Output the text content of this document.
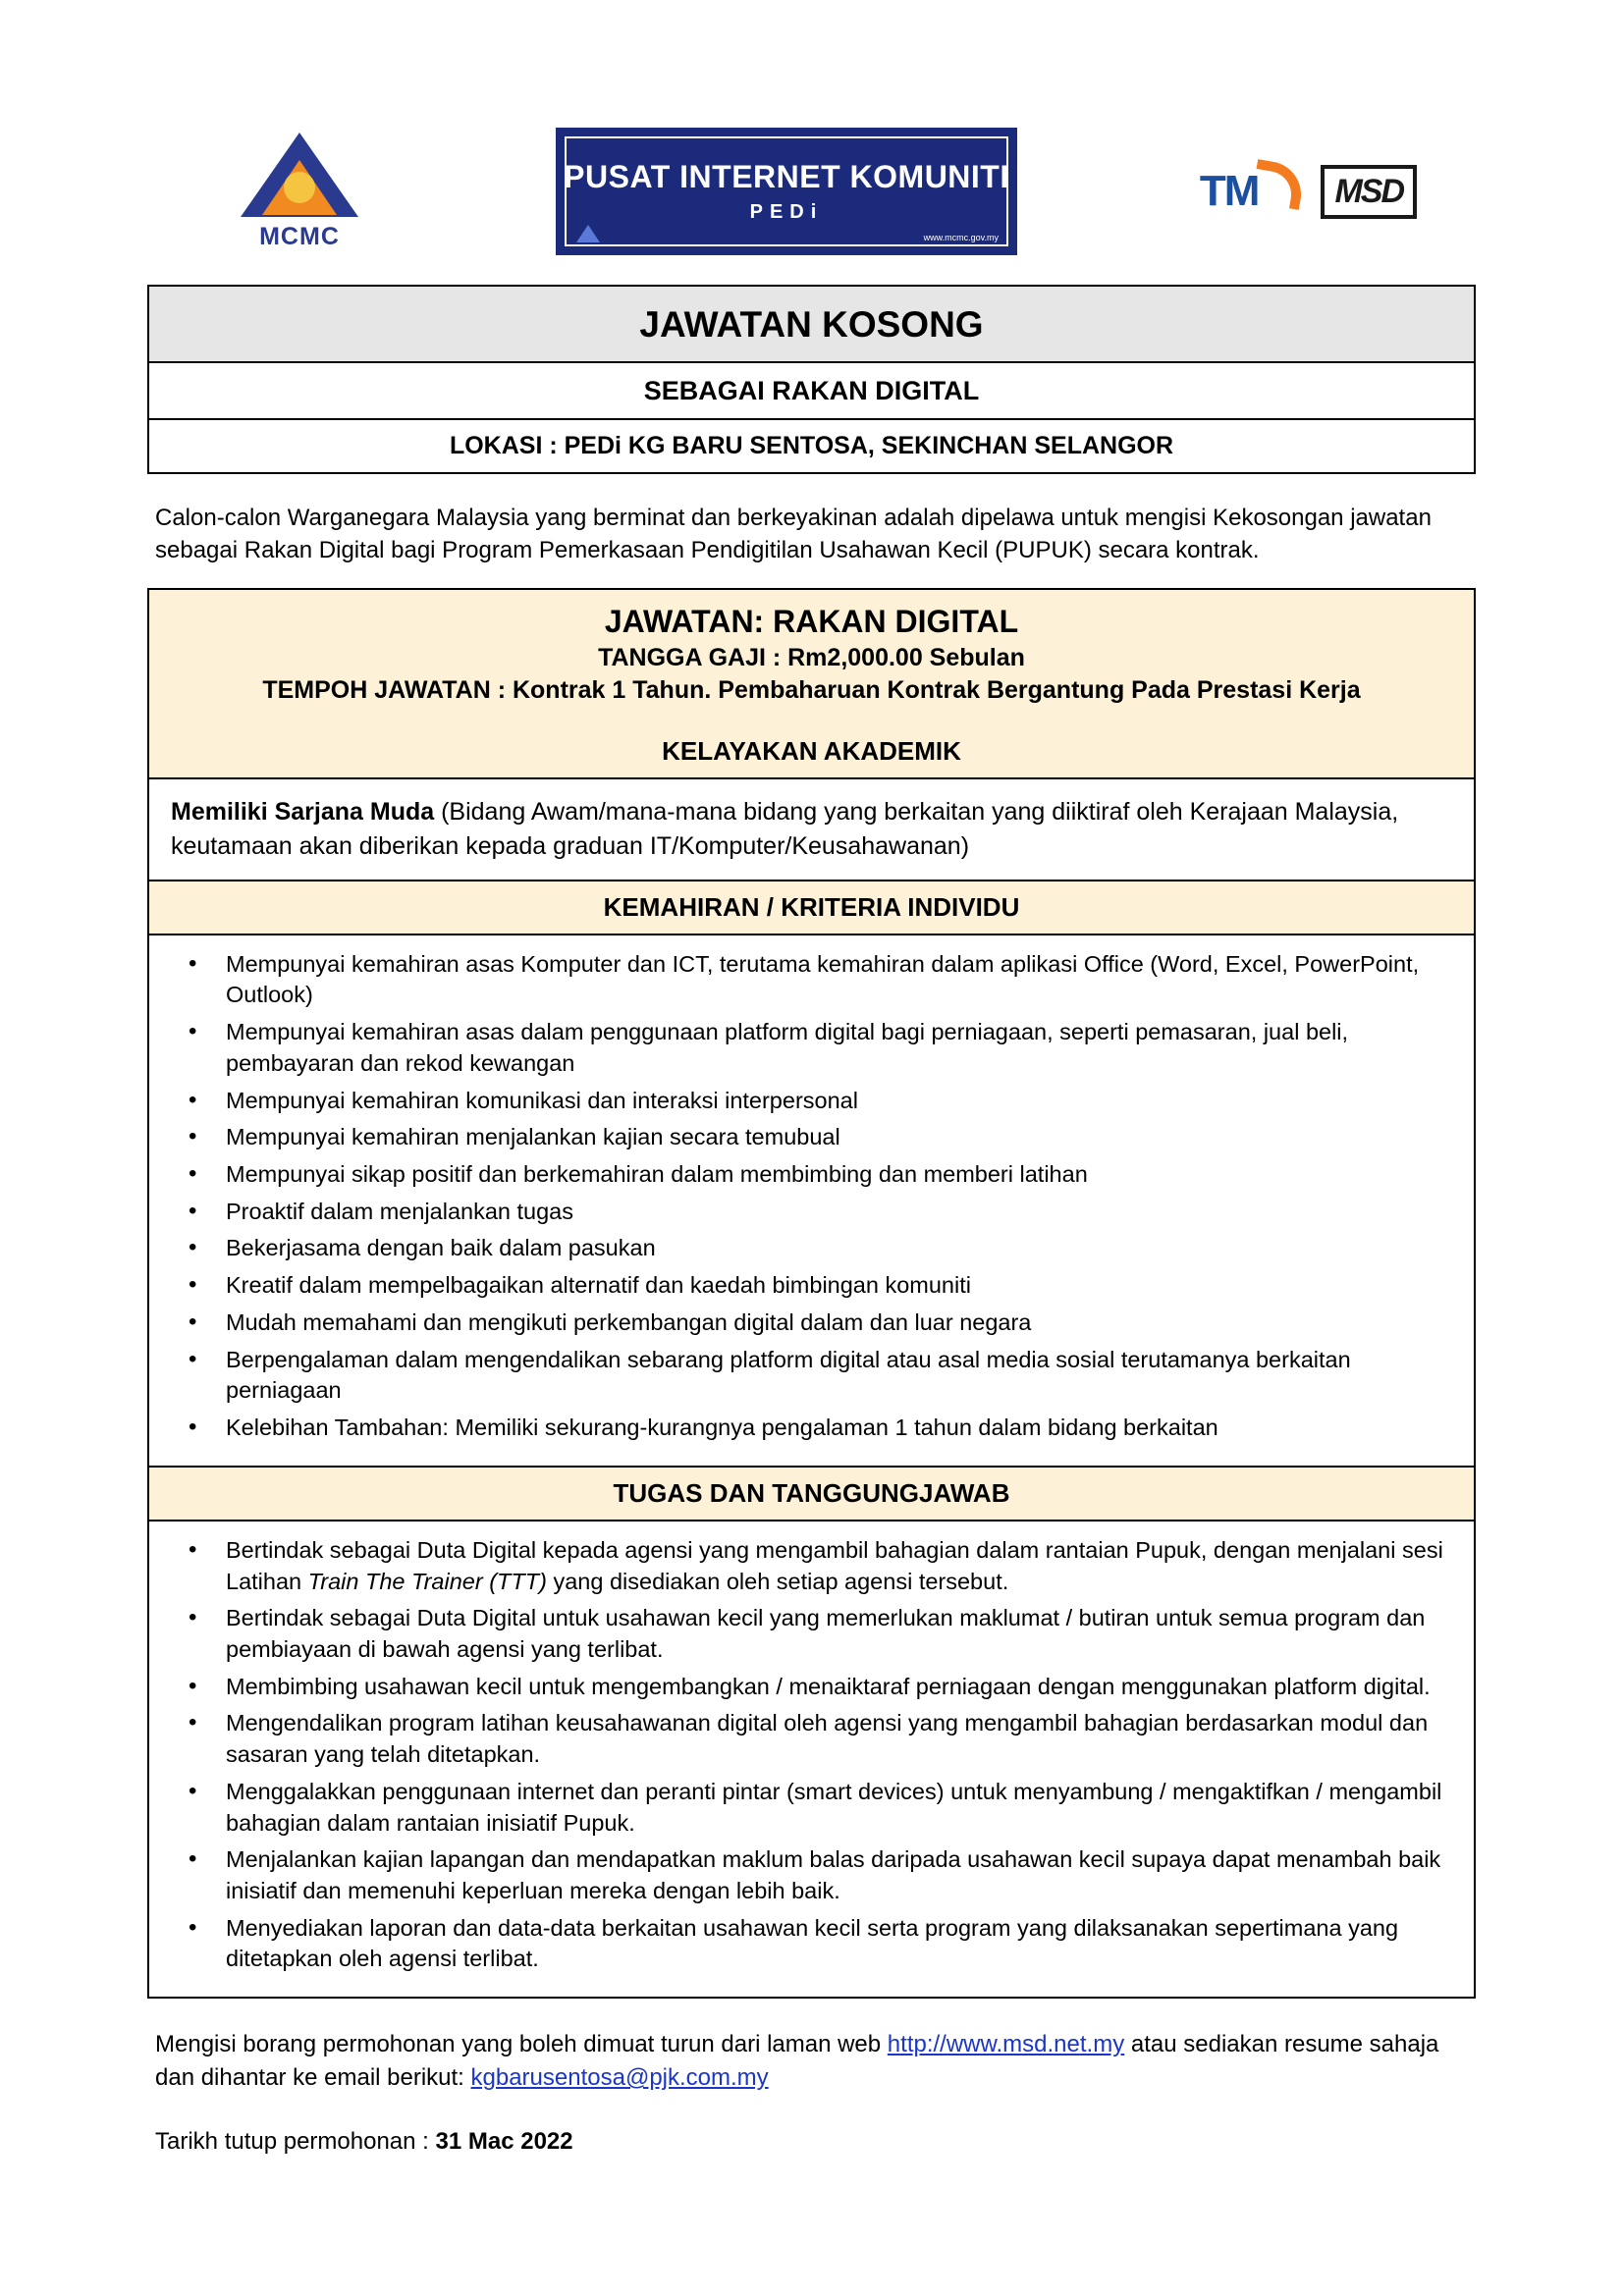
MCMC
PUSAT INTERNET KOMUNITI
PEDi
www.mcmc.gov.my
TM	MSD
JAWATAN KOSONG
SEBAGAI RAKAN DIGITAL
LOKASI : PEDi KG BARU SENTOSA, SEKINCHAN SELANGOR
Calon-calon Warganegara Malaysia yang berminat dan berkeyakinan adalah dipelawa untuk mengisi Kekosongan jawatan sebagai Rakan Digital bagi Program Pemerkasaan Pendigitilan Usahawan Kecil (PUPUK) secara kontrak.
JAWATAN: RAKAN DIGITAL
TANGGA GAJI : Rm2,000.00 Sebulan
TEMPOH JAWATAN : Kontrak 1 Tahun. Pembaharuan Kontrak Bergantung Pada Prestasi Kerja
KELAYAKAN AKADEMIK
Memiliki Sarjana Muda (Bidang Awam/mana-mana bidang yang berkaitan yang diiktiraf oleh Kerajaan Malaysia, keutamaan akan diberikan kepada graduan IT/Komputer/Keusahawanan)
KEMAHIRAN / KRITERIA INDIVIDU
• Mempunyai kemahiran asas Komputer dan ICT, terutama kemahiran dalam aplikasi Office (Word, Excel, PowerPoint, Outlook)
• Mempunyai kemahiran asas dalam penggunaan platform digital bagi perniagaan, seperti pemasaran, jual beli, pembayaran dan rekod kewangan
• Mempunyai kemahiran komunikasi dan interaksi interpersonal
• Mempunyai kemahiran menjalankan kajian secara temubual
• Mempunyai sikap positif dan berkemahiran dalam membimbing dan memberi latihan
• Proaktif dalam menjalankan tugas
• Bekerjasama dengan baik dalam pasukan
• Kreatif dalam mempelbagaikan alternatif dan kaedah bimbingan komuniti
• Mudah memahami dan mengikuti perkembangan digital dalam dan luar negara
• Berpengalaman dalam mengendalikan sebarang platform digital atau asal media sosial terutamanya berkaitan perniagaan
• Kelebihan Tambahan: Memiliki sekurang-kurangnya pengalaman 1 tahun dalam bidang berkaitan
TUGAS DAN TANGGUNGJAWAB
• Bertindak sebagai Duta Digital kepada agensi yang mengambil bahagian dalam rantaian Pupuk, dengan menjalani sesi Latihan Train The Trainer (TTT) yang disediakan oleh setiap agensi tersebut.
• Bertindak sebagai Duta Digital untuk usahawan kecil yang memerlukan maklumat / butiran untuk semua program dan pembiayaan di bawah agensi yang terlibat.
• Membimbing usahawan kecil untuk mengembangkan / menaiktaraf perniagaan dengan menggunakan platform digital.
• Mengendalikan program latihan keusahawanan digital oleh agensi yang mengambil bahagian berdasarkan modul dan sasaran yang telah ditetapkan.
• Menggalakkan penggunaan internet dan peranti pintar (smart devices) untuk menyambung / mengaktifkan / mengambil bahagian dalam rantaian inisiatif Pupuk.
• Menjalankan kajian lapangan dan mendapatkan maklum balas daripada usahawan kecil supaya dapat menambah baik inisiatif dan memenuhi keperluan mereka dengan lebih baik.
• Menyediakan laporan dan data-data berkaitan usahawan kecil serta program yang dilaksanakan sepertimana yang ditetapkan oleh agensi terlibat.
Mengisi borang permohonan yang boleh dimuat turun dari laman web http://www.msd.net.my atau sediakan resume sahaja dan dihantar ke email berikut: kgbarusentosa@pjk.com.my
Tarikh tutup permohonan : 31 Mac 2022
